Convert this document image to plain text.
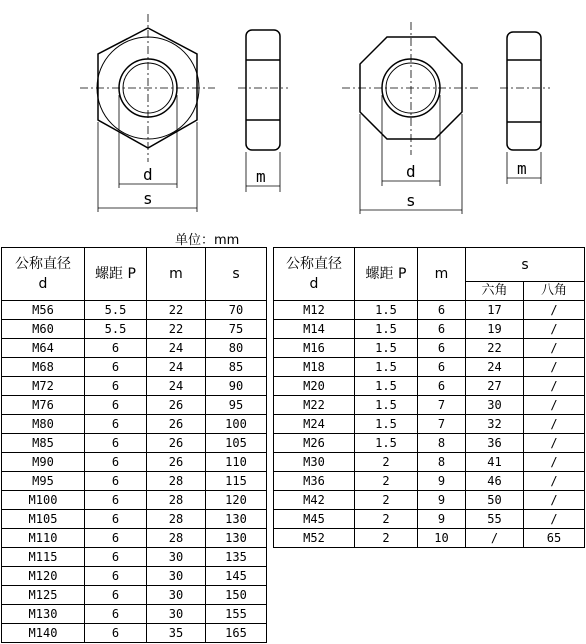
d
s
m	d
s
m
单位：mm
公称直径
d	螺距 P	m	s
M56	5.5	22	70
M60	5.5	22	75
M64	6	24	80
M68	6	24	85
M72	6	24	90
M76	6	26	95
M80	6	26	100
M85	6	26	105
M90	6	26	110
M95	6	28	115
M100	6	28	120
M105	6	28	130
M110	6	28	130
M115	6	30	135
M120	6	30	145
M125	6	30	150
M130	6	30	155
M140	6	35	165
公称直径
d	螺距 P	m	s	
			六角	八角
M12	1.5	6	17	/
M14	1.5	6	19	/
M16	1.5	6	22	/
M18	1.5	6	24	/
M20	1.5	6	27	/
M22	1.5	7	30	/
M24	1.5	7	32	/
M26	1.5	8	36	/
M30	2	8	41	/
M36	2	9	46	/
M42	2	9	50	/
M45	2	9	55	/
M52	2	10	/	65
